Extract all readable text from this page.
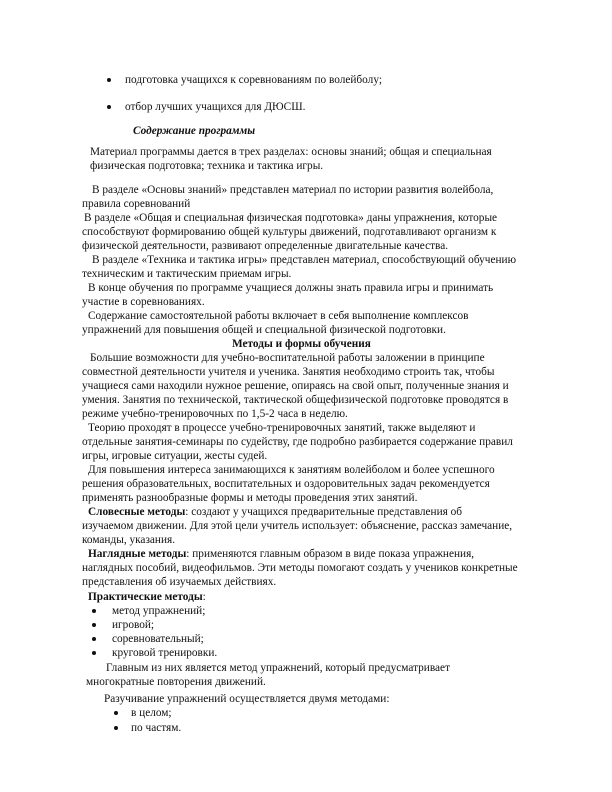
подготовка учащихся к соревнованиям по волейболу;
отбор лучших учащихся для ДЮСШ.
Содержание программы
Материал программы дается в трех разделах: основы знаний; общая и специальная
физическая подготовка; техника и тактика игры.
В разделе «Основы знаний» представлен материал по истории развития волейбола,
правила соревнований
В разделе «Общая и специальная физическая подготовка» даны упражнения, которые
способствуют формированию общей культуры движений, подготавливают организм к
физической деятельности, развивают определенные двигательные качества.
В разделе «Техника и тактика игры» представлен материал, способствующий обучению
техническим и тактическим приемам игры.
В конце обучения по программе учащиеся должны знать правила игры и принимать
участие в соревнованиях.
Содержание самостоятельной работы включает в себя выполнение комплексов
упражнений для повышения общей и специальной физической подготовки.
Методы и формы обучения
Большие возможности для учебно-воспитательной работы заложении в принципе
совместной деятельности учителя и ученика. Занятия необходимо строить так, чтобы
учащиеся сами находили нужное решение, опираясь на свой опыт, полученные знания и
умения. Занятия по технической, тактической общефизической подготовке проводятся в
режиме учебно-тренировочных по 1,5-2 часа в неделю.
Теорию проходят в процессе учебно-тренировочных занятий, также выделяют и
отдельные занятия-семинары по судейству, где подробно разбирается содержание правил
игры, игровые ситуации, жесты судей.
Для повышения интереса занимающихся к занятиям волейболом и более успешного
решения образовательных, воспитательных и оздоровительных задач рекомендуется
применять разнообразные формы и методы проведения этих занятий.
Словесные методы: создают у учащихся предварительные представления об
изучаемом движении. Для этой цели учитель использует: объяснение, рассказ замечание,
команды, указания.
Наглядные методы: применяются главным образом в виде показа упражнения,
наглядных пособий, видеофильмов. Эти методы помогают создать у учеников конкретные
представления об изучаемых действиях.
Практические методы:
метод упражнений;
игровой;
соревновательный;
круговой тренировки.
Главным из них является метод упражнений, который предусматривает
многократные повторения движений.
Разучивание упражнений осуществляется двумя методами:
в целом;
по частям.
